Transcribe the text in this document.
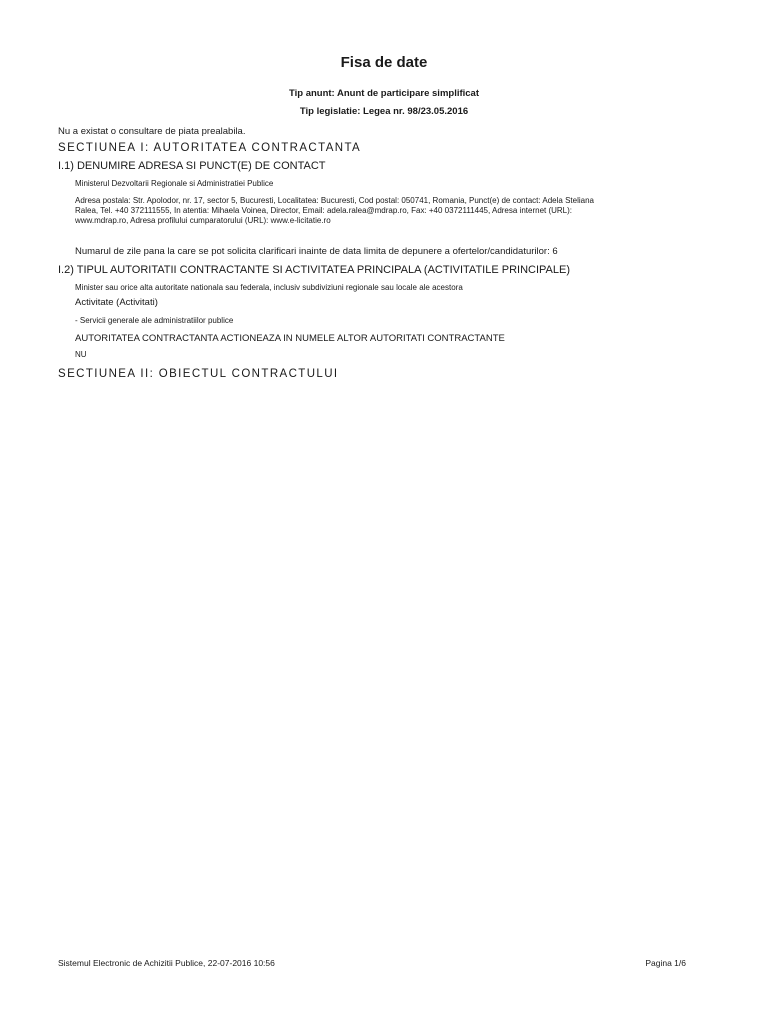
Fisa de date
Tip anunt: Anunt de participare simplificat
Tip legislatie: Legea nr. 98/23.05.2016
Nu a existat o consultare de piata prealabila.
SECTIUNEA I: AUTORITATEA CONTRACTANTA
I.1) DENUMIRE ADRESA SI PUNCT(E) DE CONTACT
Ministerul Dezvoltarii Regionale si Administratiei Publice
Adresa postala: Str. Apolodor, nr. 17, sector 5, Bucuresti, Localitatea: Bucuresti, Cod postal: 050741, Romania, Punct(e) de contact: Adela Steliana
Ralea, Tel. +40 372111555, In atentia: Mihaela Voinea, Director, Email: adela.ralea@mdrap.ro, Fax: +40 0372111445, Adresa internet (URL):
www.mdrap.ro, Adresa profilului cumparatorului (URL): www.e-licitatie.ro
Numarul de zile pana la care se pot solicita clarificari inainte de data limita de depunere a ofertelor/candidaturilor: 6
I.2) TIPUL AUTORITATII CONTRACTANTE SI ACTIVITATEA PRINCIPALA (ACTIVITATILE PRINCIPALE)
Minister sau orice alta autoritate nationala sau federala, inclusiv subdiviziuni regionale sau locale ale acestora
Activitate (Activitati)
- Servicii generale ale administratiilor publice
AUTORITATEA CONTRACTANTA ACTIONEAZA IN NUMELE ALTOR AUTORITATI CONTRACTANTE
NU
SECTIUNEA II: OBIECTUL CONTRACTULUI
Sistemul Electronic de Achizitii Publice, 22-07-2016 10:56	Pagina 1/6
